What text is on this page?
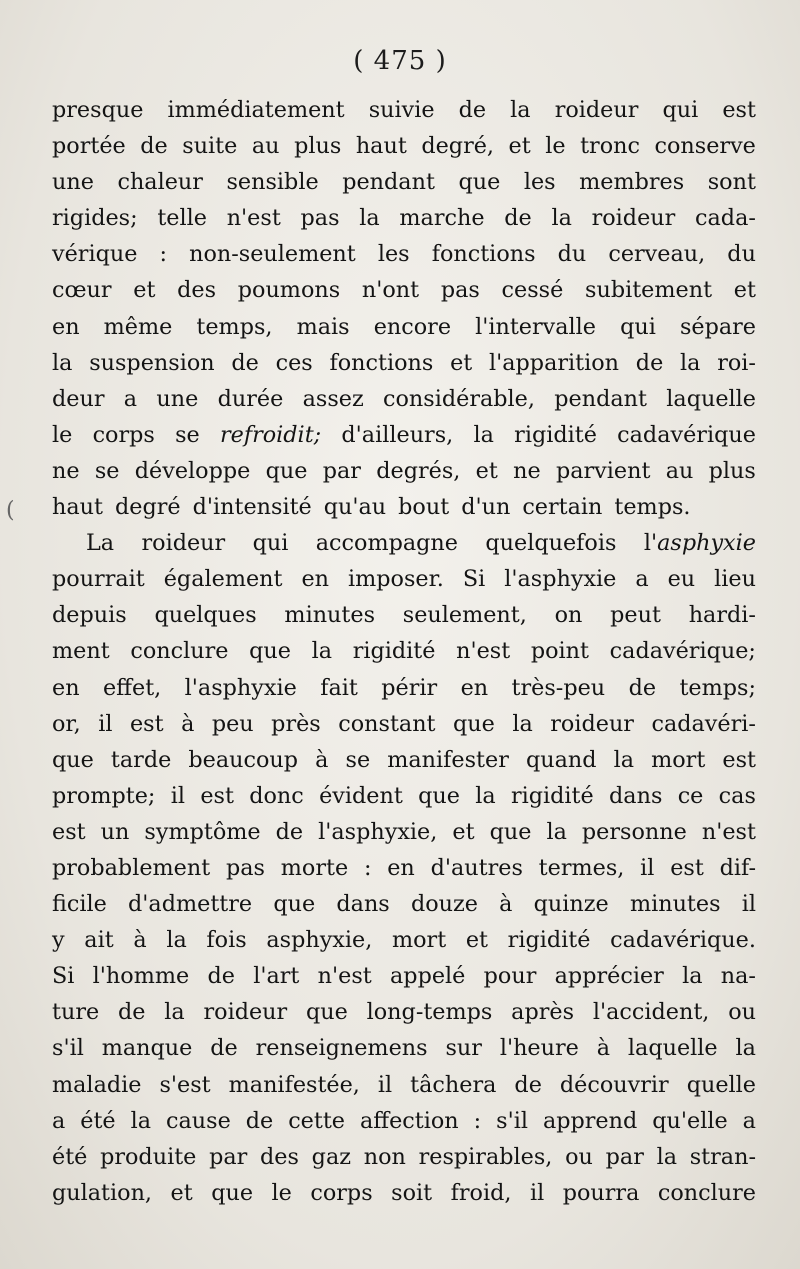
(
( 475 )
presque immédiatement suivie de la roideur qui est
portée de suite au plus haut degré, et le tronc conserve
une chaleur sensible pendant que les membres sont
rigides; telle n'est pas la marche de la roideur cada-
vérique : non-seulement les fonctions du cerveau, du
cœur et des poumons n'ont pas cessé subitement et
en même temps, mais encore l'intervalle qui sépare
la suspension de ces fonctions et l'apparition de la roi-
deur a une durée assez considérable, pendant laquelle
le corps se refroidit; d'ailleurs, la rigidité cadavérique
ne se développe que par degrés, et ne parvient au plus
haut degré d'intensité qu'au bout d'un certain temps.
La roideur qui accompagne quelquefois l'asphyxie
pourrait également en imposer. Si l'asphyxie a eu lieu
depuis quelques minutes seulement, on peut hardi-
ment conclure que la rigidité n'est point cadavérique;
en effet, l'asphyxie fait périr en très-peu de temps;
or, il est à peu près constant que la roideur cadavéri-
que tarde beaucoup à se manifester quand la mort est
prompte; il est donc évident que la rigidité dans ce cas
est un symptôme de l'asphyxie, et que la personne n'est
probablement pas morte : en d'autres termes, il est dif-
ficile d'admettre que dans douze à quinze minutes il
y ait à la fois asphyxie, mort et rigidité cadavérique.
Si l'homme de l'art n'est appelé pour apprécier la na-
ture de la roideur que long-temps après l'accident, ou
s'il manque de renseignemens sur l'heure à laquelle la
maladie s'est manifestée, il tâchera de découvrir quelle
a été la cause de cette affection : s'il apprend qu'elle a
été produite par des gaz non respirables, ou par la stran-
gulation, et que le corps soit froid, il pourra conclure
